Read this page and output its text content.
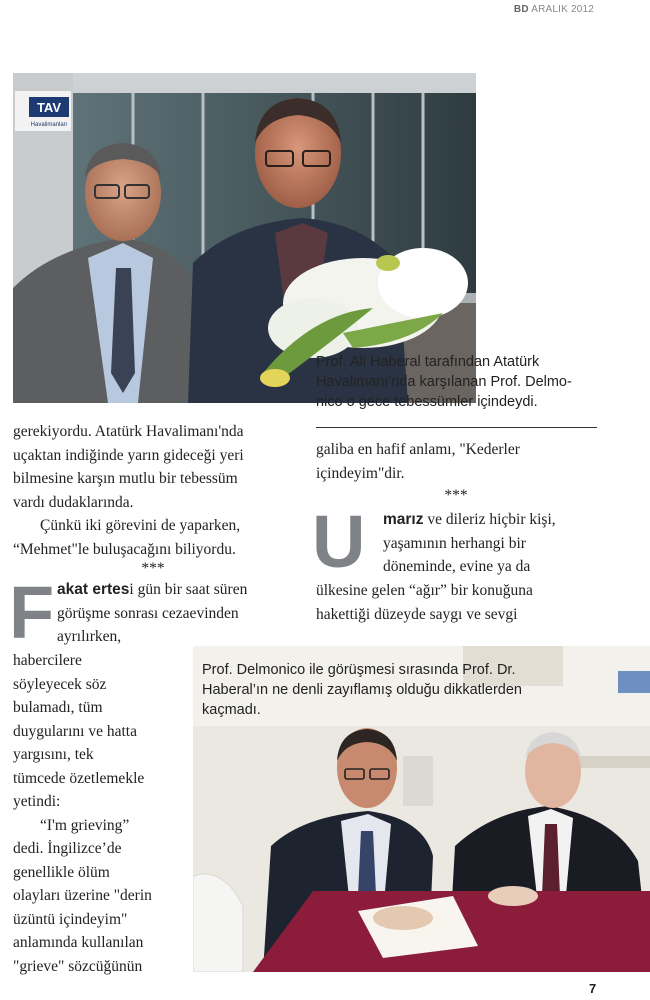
BD ARALIK 2012
TAV
Havalimanları
Prof. Ali Haberal tarafından Atatürk
Havalimanı'nda karşılanan Prof. Delmo-
nico o gece tebessümler içindeydi.
gerekiyordu. Atatürk Havalimanı'nda
uçaktan indiğinde yarın gideceği yeri
bilmesine karşın mutlu bir tebessüm
vardı dudaklarında.
Çünkü iki görevini de yaparken,
“Mehmet"le buluşacağını biliyordu.
***
F akat ertesi gün bir saat süren
görüşme sonrası cezaevinden
ayrılırken,
habercilere
söyleyecek söz
bulamadı, tüm
duygularını ve hatta
yargısını, tek
tümcede özetlemekle
yetindi:
“I'm grieving”
dedi. İngilizce’de
genellikle ölüm
olayları üzerine "derin
üzüntü içindeyim"
anlamında kullanılan
"grieve" sözcüğünün
galiba en hafif anlamı, "Kederler
içindeyim"dir.
***
U marız ve dileriz hiçbir kişi,
yaşamının herhangi bir
döneminde, evine ya da
ülkesine gelen “ağır” bir konuğuna
hakettiği düzeyde saygı ve sevgi
Prof. Delmonico ile görüşmesi sırasında Prof. Dr.
Haberal’ın ne denli zayıflamış olduğu dikkatlerden
kaçmadı.
7
